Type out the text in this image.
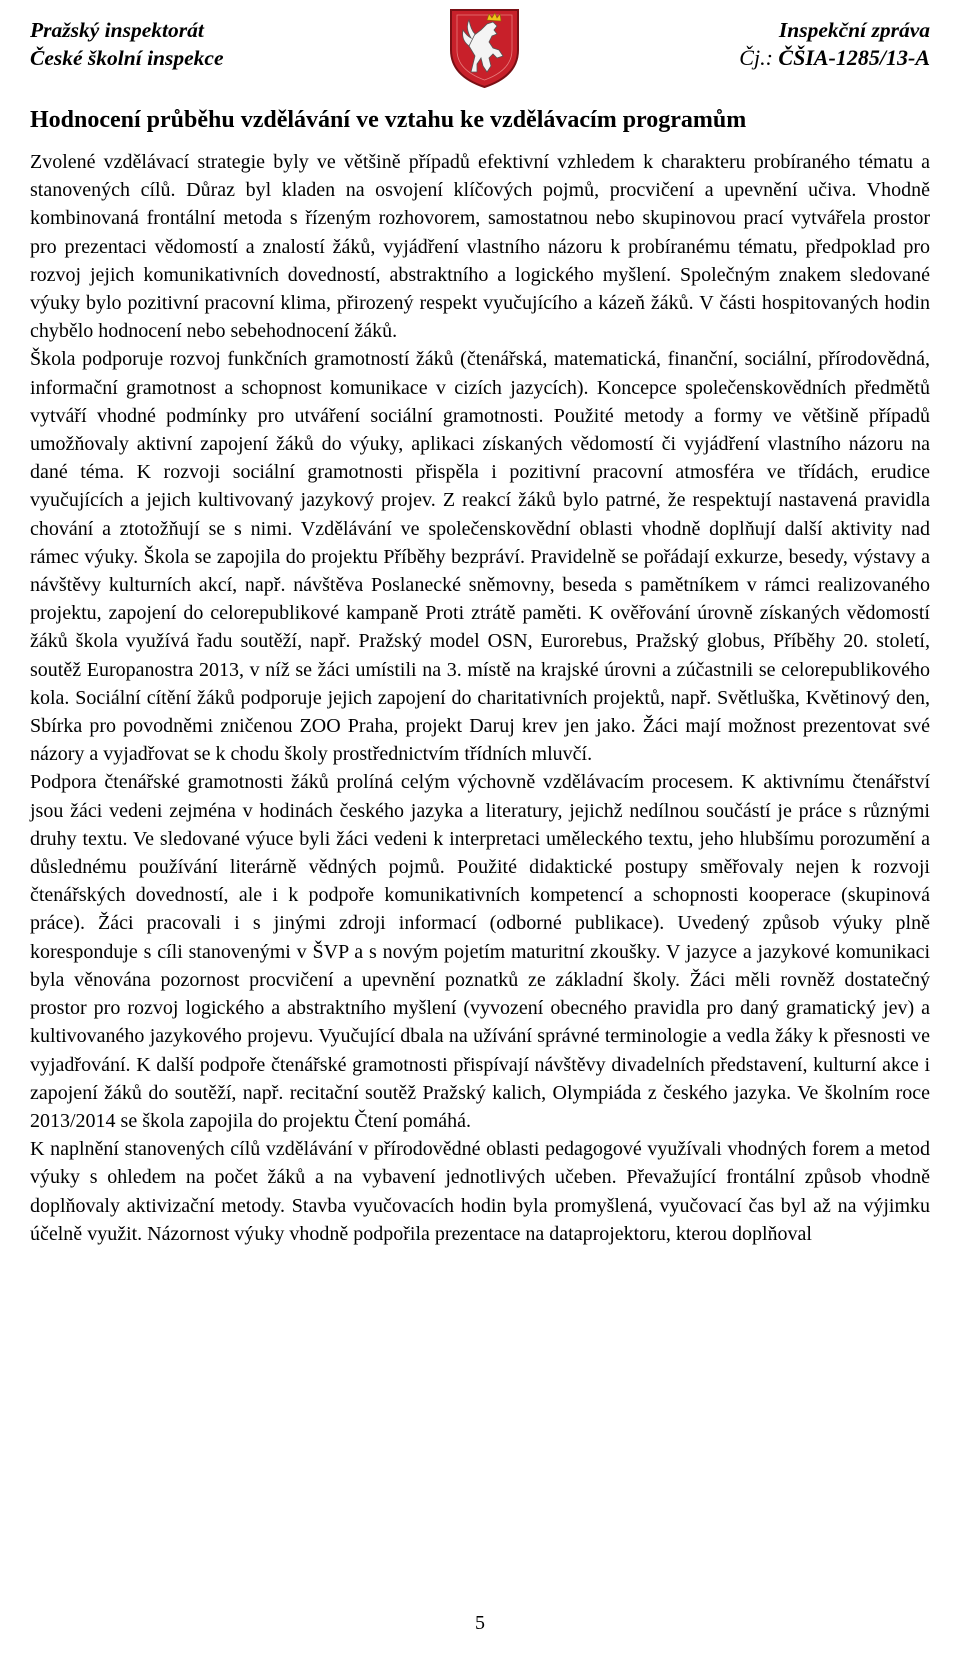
Pražský inspektorát
České školní inspekce
Inspekční zpráva
Čj.: ČŠIA-1285/13-A
Hodnocení průběhu vzdělávání ve vztahu ke vzdělávacím programům

Zvolené vzdělávací strategie byly ve většině případů efektivní vzhledem k charakteru probíraného tématu a stanovených cílů. Důraz byl kladen na osvojení klíčových pojmů, procvičení a upevnění učiva. Vhodně kombinovaná frontální metoda s řízeným rozhovorem, samostatnou nebo skupinovou prací vytvářela prostor pro prezentaci vědomostí a znalostí žáků, vyjádření vlastního názoru k probíranému tématu, předpoklad pro rozvoj jejich komunikativních dovedností, abstraktního a logického myšlení. Společným znakem sledované výuky bylo pozitivní pracovní klima, přirozený respekt vyučujícího a kázeň žáků. V části hospitovaných hodin chybělo hodnocení nebo sebehodnocení žáků.

Škola podporuje rozvoj funkčních gramotností žáků (čtenářská, matematická, finanční, sociální, přírodovědná, informační gramotnost a schopnost komunikace v cizích jazycích). Koncepce společenskovědních předmětů vytváří vhodné podmínky pro utváření sociální gramotnosti. Použité metody a formy ve většině případů umožňovaly aktivní zapojení žáků do výuky, aplikaci získaných vědomostí či vyjádření vlastního názoru na dané téma. K rozvoji sociální gramotnosti přispěla i pozitivní pracovní atmosféra ve třídách, erudice vyučujících a jejich kultivovaný jazykový projev. Z reakcí žáků bylo patrné, že respektují nastavená pravidla chování a ztotožňují se s nimi. Vzdělávání ve společenskovědní oblasti vhodně doplňují další aktivity nad rámec výuky. Škola se zapojila do projektu Příběhy bezpráví. Pravidelně se pořádají exkurze, besedy, výstavy a návštěvy kulturních akcí, např. návštěva Poslanecké sněmovny, beseda s pamětníkem v rámci realizovaného projektu, zapojení do celorepublikové kampaně Proti ztrátě paměti. K ověřování úrovně získaných vědomostí žáků škola využívá řadu soutěží, např. Pražský model OSN, Eurorebus, Pražský globus, Příběhy 20. století, soutěž Europanostra 2013, v níž se žáci umístili na 3. místě na krajské úrovni a zúčastnili se celorepublikového kola. Sociální cítění žáků podporuje jejich zapojení do charitativních projektů, např. Světluška, Květinový den, Sbírka pro povodněmi zničenou ZOO Praha, projekt Daruj krev jen jako. Žáci mají možnost prezentovat své názory a vyjadřovat se k chodu školy prostřednictvím třídních mluvčí.

Podpora čtenářské gramotnosti žáků prolíná celým výchovně vzdělávacím procesem. K aktivnímu čtenářství jsou žáci vedeni zejména v hodinách českého jazyka a literatury, jejichž nedílnou součástí je práce s různými druhy textu. Ve sledované výuce byli žáci vedeni k interpretaci uměleckého textu, jeho hlubšímu porozumění a důslednému používání literárně vědných pojmů. Použité didaktické postupy směřovaly nejen k rozvoji čtenářských dovedností, ale i k podpoře komunikativních kompetencí a schopnosti kooperace (skupinová práce). Žáci pracovali i s jinými zdroji informací (odborné publikace). Uvedený způsob výuky plně koresponduje s cíli stanovenými v ŠVP a s novým pojetím maturitní zkoušky. V jazyce a jazykové komunikaci byla věnována pozornost procvičení a upevnění poznatků ze základní školy. Žáci měli rovněž dostatečný prostor pro rozvoj logického a abstraktního myšlení (vyvození obecného pravidla pro daný gramatický jev) a kultivovaného jazykového projevu. Vyučující dbala na užívání správné terminologie a vedla žáky k přesnosti ve vyjadřování. K další podpoře čtenářské gramotnosti přispívají návštěvy divadelních představení, kulturní akce i zapojení žáků do soutěží, např. recitační soutěž Pražský kalich, Olympiáda z českého jazyka. Ve školním roce 2013/2014 se škola zapojila do projektu Čtení pomáhá.

K naplnění stanovených cílů vzdělávání v přírodovědné oblasti pedagogové využívali vhodných forem a metod výuky s ohledem na počet žáků a na vybavení jednotlivých učeben. Převažující frontální způsob vhodně doplňovaly aktivizační metody. Stavba vyučovacích hodin byla promyšlená, vyučovací čas byl až na výjimku účelně využit. Názornost výuky vhodně podpořila prezentace na dataprojektoru, kterou doplňoval

5
